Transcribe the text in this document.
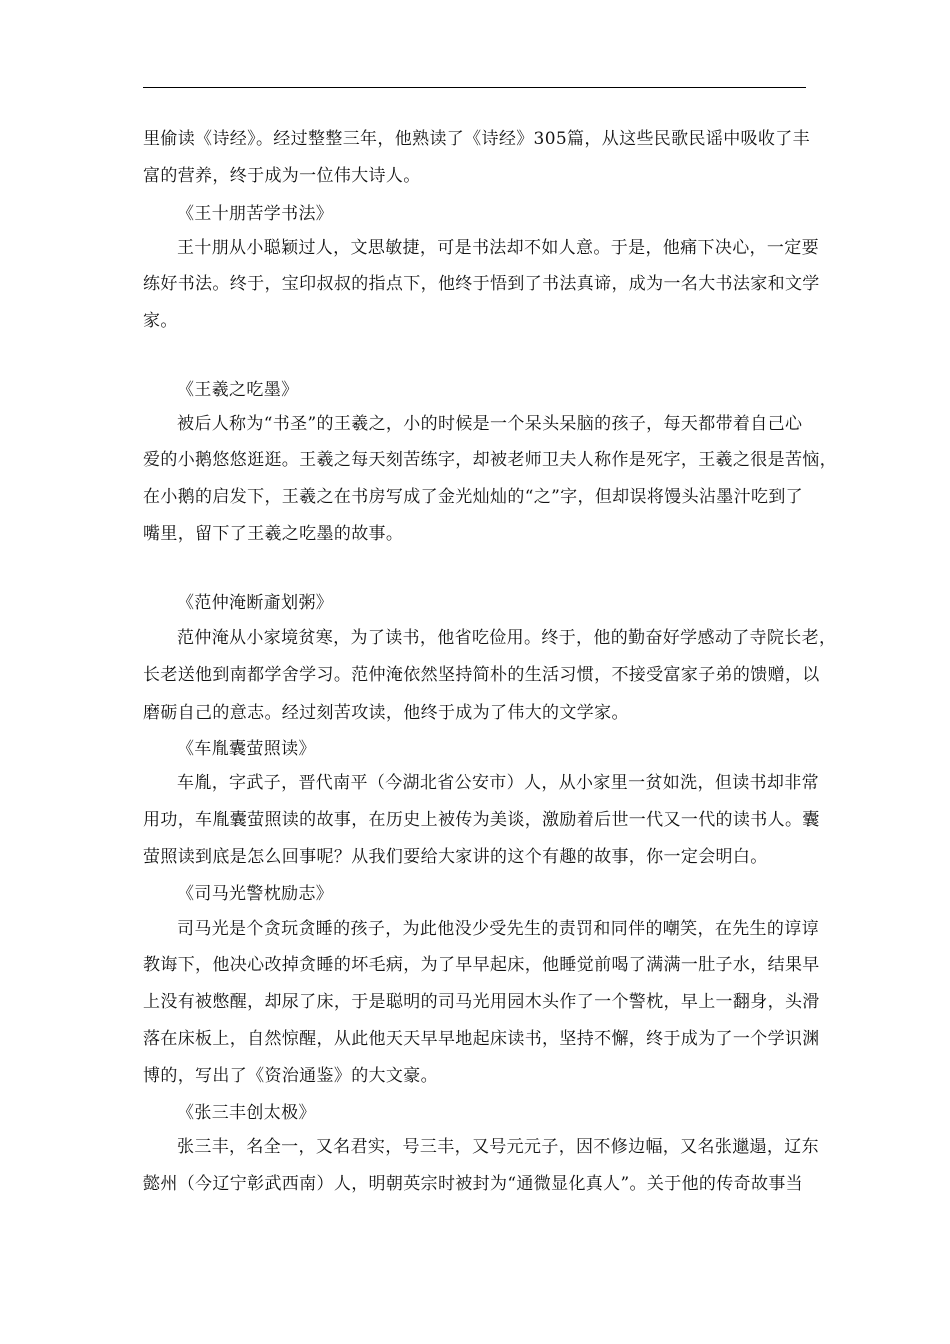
里偷读《诗经》。经过整整三年，他熟读了《诗经》305篇，从这些民歌民谣中吸收了丰
富的营养，终于成为一位伟大诗人。
《王十朋苦学书法》
王十朋从小聪颖过人，文思敏捷，可是书法却不如人意。于是，他痛下决心，一定要
练好书法。终于，宝印叔叔的指点下，他终于悟到了书法真谛，成为一名大书法家和文学
家。
《王羲之吃墨》
被后人称为“书圣”的王羲之，小的时候是一个呆头呆脑的孩子，每天都带着自己心
爱的小鹅悠悠逛逛。王羲之每天刻苦练字，却被老师卫夫人称作是死字，王羲之很是苦恼，
在小鹅的启发下，王羲之在书房写成了金光灿灿的“之”字，但却误将馒头沾墨汁吃到了
嘴里，留下了王羲之吃墨的故事。
《范仲淹断齑划粥》
范仲淹从小家境贫寒，为了读书，他省吃俭用。终于，他的勤奋好学感动了寺院长老，
长老送他到南都学舍学习。范仲淹依然坚持简朴的生活习惯，不接受富家子弟的馈赠，以
磨砺自己的意志。经过刻苦攻读，他终于成为了伟大的文学家。
《车胤囊萤照读》
车胤，字武子，晋代南平（今湖北省公安市）人，从小家里一贫如洗，但读书却非常
用功，车胤囊萤照读的故事，在历史上被传为美谈，激励着后世一代又一代的读书人。囊
萤照读到底是怎么回事呢？从我们要给大家讲的这个有趣的故事，你一定会明白。
《司马光警枕励志》
司马光是个贪玩贪睡的孩子，为此他没少受先生的责罚和同伴的嘲笑，在先生的谆谆
教诲下，他决心改掉贪睡的坏毛病，为了早早起床，他睡觉前喝了满满一肚子水，结果早
上没有被憋醒，却尿了床，于是聪明的司马光用园木头作了一个警枕，早上一翻身，头滑
落在床板上，自然惊醒，从此他天天早早地起床读书，坚持不懈，终于成为了一个学识渊
博的，写出了《资治通鉴》的大文豪。
《张三丰创太极》
张三丰，名全一，又名君实，号三丰，又号元元子，因不修边幅，又名张邋遢，辽东
懿州（今辽宁彰武西南）人，明朝英宗时被封为“通微显化真人”。关于他的传奇故事当
